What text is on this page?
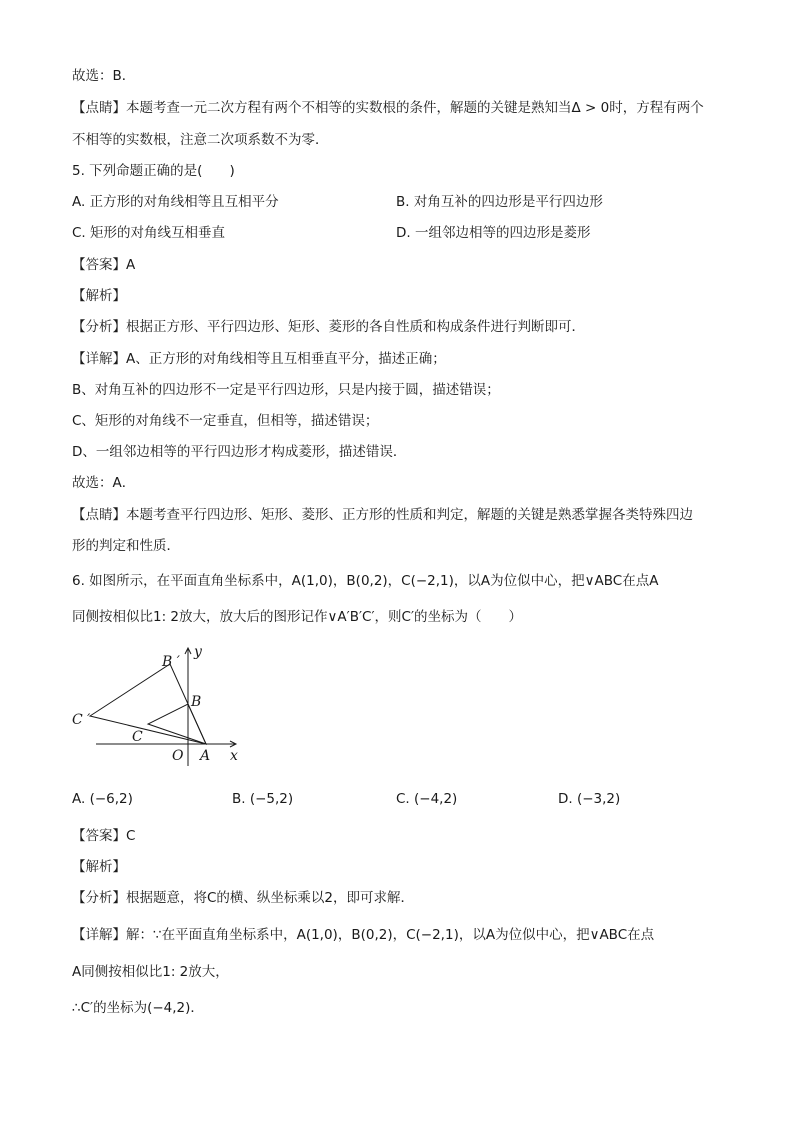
故选：B．
【点睛】本题考查一元二次方程有两个不相等的实数根的条件，解题的关键是熟知当Δ > 0时，方程有两个
不相等的实数根，注意二次项系数不为零．
5. 下列命题正确的是(　　)
A. 正方形的对角线相等且互相平分	B. 对角互补的四边形是平行四边形
C. 矩形的对角线互相垂直	D. 一组邻边相等的四边形是菱形
【答案】A
【解析】
【分析】根据正方形、平行四边形、矩形、菱形的各自性质和构成条件进行判断即可．
【详解】A、正方形的对角线相等且互相垂直平分，描述正确；
B、对角互补的四边形不一定是平行四边形，只是内接于圆，描述错误；
C、矩形的对角线不一定垂直，但相等，描述错误；
D、一组邻边相等的平行四边形才构成菱形，描述错误．
故选：A．
【点睛】本题考查平行四边形、矩形、菱形、正方形的性质和判定，解题的关键是熟悉掌握各类特殊四边
形的判定和性质．
6. 如图所示，在平面直角坐标系中，A(1,0)，B(0,2)，C(−2,1)，以A为位似中心，把∨ABC在点A
同侧按相似比1: 2放大，放大后的图形记作∨A′B′C′，则C′的坐标为（　　）
B ′
y
B
C ′
C
O A x
A. (−6,2)	B. (−5,2)	C. (−4,2)	D. (−3,2)
【答案】C
【解析】
【分析】根据题意，将C的横、纵坐标乘以2，即可求解．
【详解】解：∵在平面直角坐标系中，A(1,0)，B(0,2)，C(−2,1)，以A为位似中心，把∨ABC在点
A同侧按相似比1: 2放大，
∴C′的坐标为(−4,2)．
